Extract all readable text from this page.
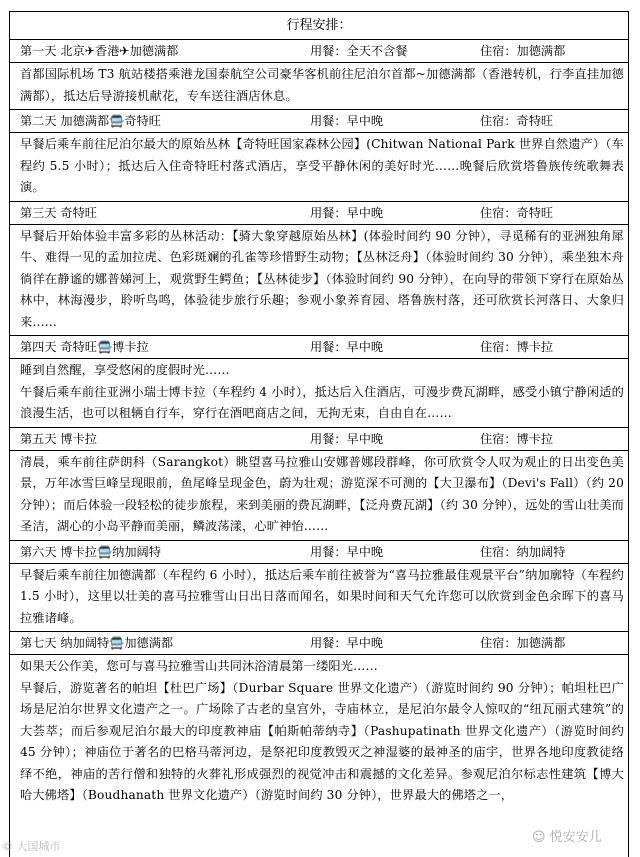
行程安排：
第一天 北京✈香港✈加德满都	用餐：全天不含餐	住宿：加德满都

首都国际机场 T3 航站楼搭乘港龙国泰航空公司豪华客机前往尼泊尔首都~加德满都（香港转机，行李直挂加德满都），抵达后导游接机献花，专车送往酒店休息。

第二天 加德满都🚍奇特旺	用餐：早中晚	住宿：奇特旺

早餐后乘车前往尼泊尔最大的原始丛林【奇特旺国家森林公园】(Chitwan National Park 世界自然遗产）（车程约 5.5 小时）；抵达后入住奇特旺村落式酒店，享受平静休闲的美好时光……晚餐后欣赏塔鲁族传统歌舞表演。

第三天 奇特旺	用餐：早中晚	住宿：奇特旺

早餐后开始体验丰富多彩的丛林活动：【骑大象穿越原始丛林】(体验时间约 90 分钟），寻觅稀有的亚洲独角犀牛、难得一见的孟加拉虎、色彩斑斓的孔雀等珍惜野生动物；【丛林泛舟】（体验时间约 30 分钟），乘坐独木舟徜徉在静谧的娜普娣河上，观赏野生鳄鱼；【丛林徒步】（体验时间约 90 分钟），在向导的带领下穿行在原始丛林中，林海漫步，聆听鸟鸣，体验徒步旅行乐趣；参观小象养育园、塔鲁族村落，还可欣赏长河落日、大象归来……

第四天 奇特旺🚍博卡拉	用餐：早中晚	住宿：博卡拉

睡到自然醒，享受悠闲的度假时光……

午餐后乘车前往亚洲小瑞士博卡拉（车程约 4 小时），抵达后入住酒店，可漫步费瓦湖畔，感受小镇宁静闲适的浪漫生活，也可以租辆自行车，穿行在酒吧商店之间，无拘无束，自由自在……

第五天 博卡拉	用餐：早中晚	住宿：博卡拉

清晨，乘车前往萨朗科（Sarangkot）眺望喜马拉雅山安娜普娜段群峰，你可欣赏令人叹为观止的日出变色美景，万年冰雪巨峰呈现眼前，鱼尾峰呈现金色，蔚为壮观；游览深不可测的【大卫瀑布】（Devi's Fall）（约 20 分钟）；而后体验一段轻松的徒步旅程，来到美丽的费瓦湖畔，【泛舟费瓦湖】（约 30 分钟），远处的雪山壮美而圣洁，湖心的小岛平静而美丽，鳞波荡漾，心旷神怡……

第六天 博卡拉🚍纳加阔特	用餐：早中晚	住宿：纳加阔特

早餐后乘车前往加德满都（车程约 6 小时），抵达后乘车前往被誉为“喜马拉雅最佳观景平台”纳加廓特（车程约 1.5 小时），这里以壮美的喜马拉雅雪山日出日落而闻名，如果时间和天气允许您可以欣赏到金色余晖下的喜马拉雅诸峰。

第七天 纳加阔特🚍加德满都	用餐：早中晚	住宿：加德满都

如果天公作美，您可与喜马拉雅雪山共同沐浴清晨第一缕阳光……

早餐后，游览著名的帕坦【杜巴广场】（Durbar Square 世界文化遗产）（游览时间约 90 分钟）；帕坦杜巴广场是尼泊尔世界文化遗产之一。广场除了古老的皇宫外，寺庙林立，是尼泊尔最令人惊叹的“纽瓦丽式建筑”的大荟萃；而后参观尼泊尔最大的印度教神庙【帕斯帕蒂纳寺】（Pashupatinath 世界文化遗产）（游览时间约 45 分钟）；神庙位于著名的巴格马蒂河边，是祭祀印度教毁灭之神湿婆的最神圣的庙宇，世界各地印度教徒络绎不绝，神庙的苦行僧和独特的火葬礼形成强烈的视觉冲击和震撼的文化差异。参观尼泊尔标志性建筑【博大哈大佛塔】（Boudhanath 世界文化遗产）（游览时间约 30 分钟），世界最大的佛塔之一，

© 大国城市
☺ 悦安安儿
